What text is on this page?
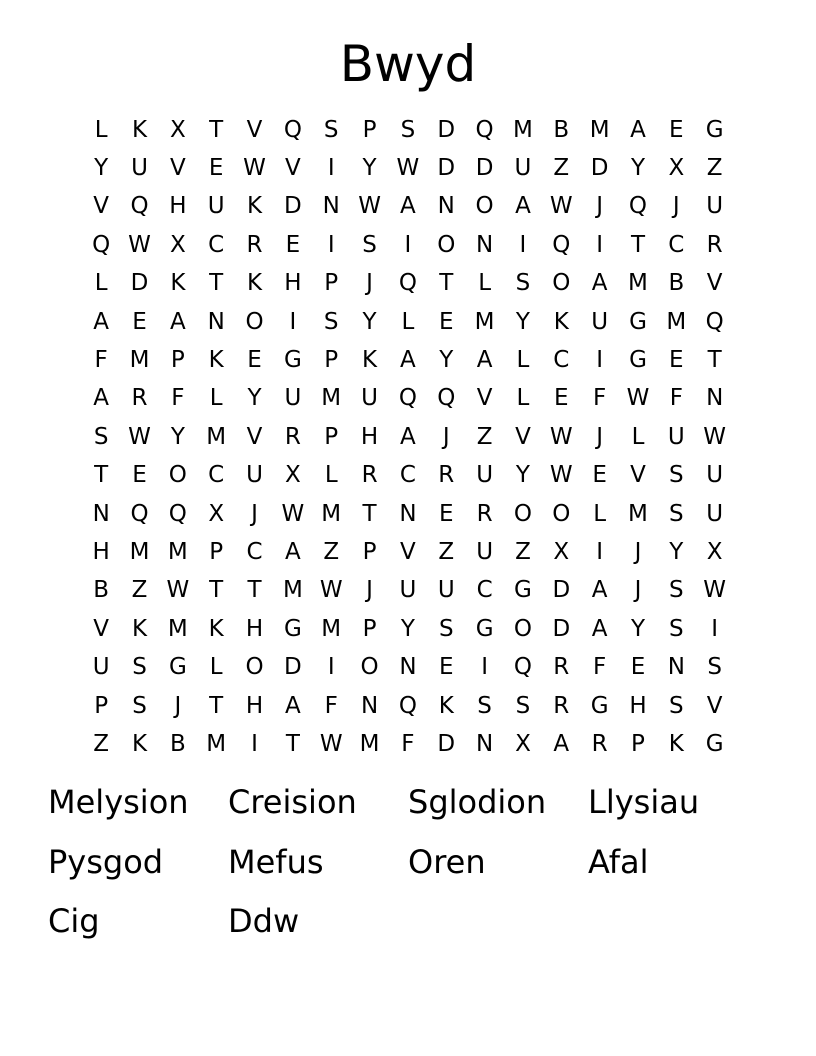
Bwyd
L	K X	T	V Q S	P	S D Q M B M A	E G
Y U V	E W V	I	Y W D D U Z D Y	X Z
V Q H U K D N W A N O A W	J	Q	J	U
Q W X C R	E	I	S	I	O N	I	Q	I	T	C R
L	D K	T	K H P	J	Q T	L	S O A M B V
A	E	A N O	I	S	Y	L	E M Y	K U G M Q
F M P	K	E G P	K A	Y	A	L	C	I	G E	T
A R	F	L	Y U M U Q Q V	L	E	F W F	N
S W Y M V R	P H A	J	Z V W	J	L	U W
T	E O C U X	L	R C R U Y W E	V	S U
N Q Q X	J	W M T N E	R O O L M S U
H M M P	C A Z	P	V Z U Z X	I	J	Y	X
B Z W T	T M W	J	U U C G D A	J	S W
V K M K H G M P	Y	S G O D A	Y	S	I
U S G	L O D	I	O N E	I	Q R	F	E N S
P	S	J	T H A	F	N Q K	S	S	R G H S	V
Z K B M	I	T W M F D N X A R	P	K G
Melysion	Creision	Sglodion	Llysiau
Pysgod	Mefus	Oren	Afal
Cig	Ddw
